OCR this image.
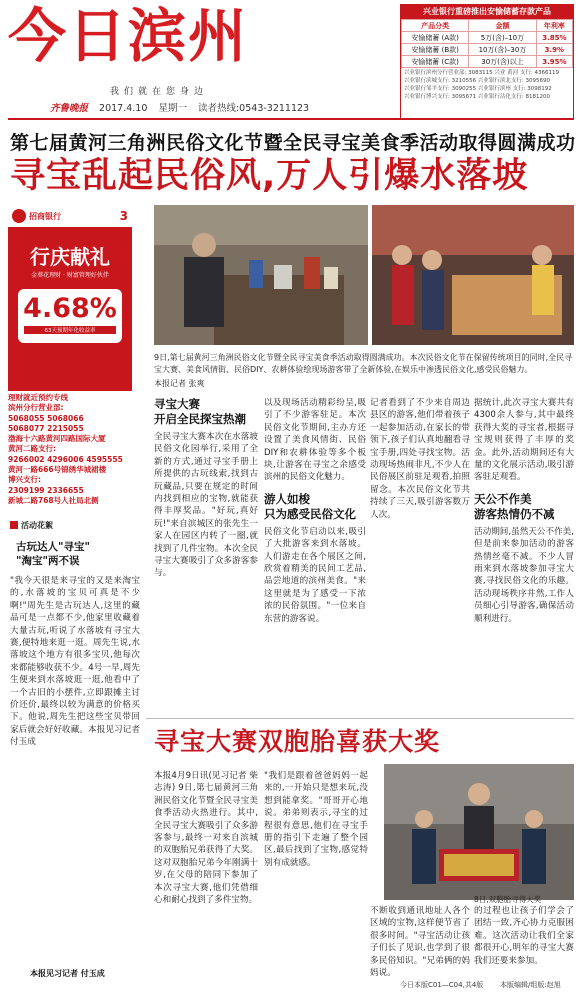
今日滨州
我们就在您身边
齐鲁晚报 2017.4.10 星期一 读者热线:0543-3211123
兴业银行重磅推出安愉储蓄存款产品
产品分类	金额	年利率
安愉储蓄 (A款)	5万(含)–10万	3.85%
安愉储蓄 (B款)	10万(含)–30万	3.9%
安愉储蓄 (C款)	30万(含)以上	3.95%
兴业银行滨州分行营业部: 3083115 兴业 黄河 支行: 4366119
兴业银行滨城支行: 3210556 兴业银行滨北支行: 3095690
兴业银行邹平支行: 3090255 兴业银行滨州 支行: 3098192
兴业银行博兴支行: 3095671 兴业银行沾化支行: 8181200
第七届黄河三角洲民俗文化节暨全民寻宝美食季活动取得圆满成功
寻宝乱起民俗风,万人引爆水落坡
招商银行	3
行庆献礼
金葵花理财 · 财富管理好伙伴
4.68%
63天预期年化收益率
理财就近预约专线
滨州分行营业部:
5068055 5068066
5068077 2215055
渤海十六路黄河四路国际大厦
黄河二路支行:
9266002 4296006 4595555
黄河一路666号锦绣华城裙楼
博兴支行:
2309199 2336655
新城二路768号人社局北侧
9日,第七届黄河三角洲民俗文化节暨全民寻宝美食季活动取得圆满成功。本次民俗文化节在保留传统项目的同时,全民寻宝大赛、美食风情街、民俗DIY、农耕体验绘现场游客带了全新体验,在娱乐中渗透民俗文化,感受民俗魅力。
本报记者 张爽
活动花絮
古玩达人"寻宝"
"淘宝"两不误
"我今天很是来寻宝的又是来淘宝的,水落坡的宝贝可真是不少啊!"周先生是古玩达人,这里的藏品可是一点都不少,他家里收藏着大量古玩,听说了水落坡有寻宝大赛,便特地来逛一逛。周先生说,水落坡这个地方有很多宝贝,他每次来都能够收获不少。4号一早,周先生便来到水落坡逛一逛,他看中了一个古旧的小摆件,立即跟摊主讨价还价,最终以较为满意的价格买下。他说,周先生把这些宝贝带回家后就会好好收藏。本报见习记者 付玉成
本报见习记者 付玉成
寻宝大赛
开启全民探宝热潮
全民寻宝大赛本次在水落坡民俗文化园举行,采用了全新的方式,通过寻宝手册上所提供的古玩线索,找到古玩藏品,只要在规定的时间内找到相应的宝物,就能获得丰厚奖品。"好玩,真好玩!"来自滨城区的张先生一家人在园区内转了一圈,就找到了几件宝物。本次全民寻宝大赛吸引了众多游客参与。
以及现场活动精彩纷呈,吸引了不少游客驻足。本次民俗文化节期间,主办方还设置了美食风情街、民俗DIY和农耕体验等多个板块,让游客在寻宝之余感受滨州的民俗文化魅力。
游人如梭
只为感受民俗文化
民俗文化节启动以来,吸引了大批游客来到水落坡。人们游走在各个展区之间,欣赏着精美的民间工艺品,品尝地道的滨州美食。"来这里就是为了感受一下浓浓的民俗氛围。"一位来自东营的游客说。
记者看到了不少来自周边县区的游客,他们带着孩子一起参加活动,在家长的带领下,孩子们认真地翻看寻宝手册,四处寻找宝物。活动现场热闹非凡,不少人在民俗展区前驻足观看,拍照留念。本次民俗文化节共持续了三天,吸引游客数万人次。
据统计,此次寻宝大赛共有4300余人参与,其中最终获得大奖的寻宝者,根据寻宝规则获得了丰厚的奖金。此外,活动期间还有大量的文化展示活动,吸引游客驻足观看。
天公不作美
游客热情仍不减
活动期间,虽然天公不作美,但是前来参加活动的游客热情丝毫不减。不少人冒雨来到水落坡参加寻宝大赛,寻找民俗文化的乐趣。活动现场秩序井然,工作人员细心引导游客,确保活动顺利进行。
寻宝大赛双胞胎喜获大奖
本报4月9日讯(见习记者 柴志涛) 9日,第七届黄河三角洲民俗文化节暨全民寻宝美食季活动火热进行。其中,全民寻宝大赛吸引了众多游客参与,最终一对来自滨城的双胞胎兄弟获得了大奖。这对双胞胎兄弟今年刚满十岁,在父母的陪同下参加了本次寻宝大赛,他们凭借细心和耐心找到了多件宝物。
"我们是跟着爸爸妈妈一起来的,一开始只是想来玩,没想到能拿奖。"哥哥开心地说。弟弟则表示,寻宝的过程很有意思,他们在寻宝手册的指引下走遍了整个园区,最后找到了宝物,感觉特别有成就感。
不断收到通讯地址人各个区域的宝物,这样便节省了很多时间。"寻宝活动让孩子们长了见识,也学到了很多民俗知识。"兄弟俩的妈妈说。
的过程也让孩子们学会了团结一致,齐心协力克服困难。这次活动让我们全家都很开心,明年的寻宝大赛我们还要来参加。
8日,双胞胎寻得大奖
今日本版C01—C04,共4版 本版编辑/组版:赵旭
